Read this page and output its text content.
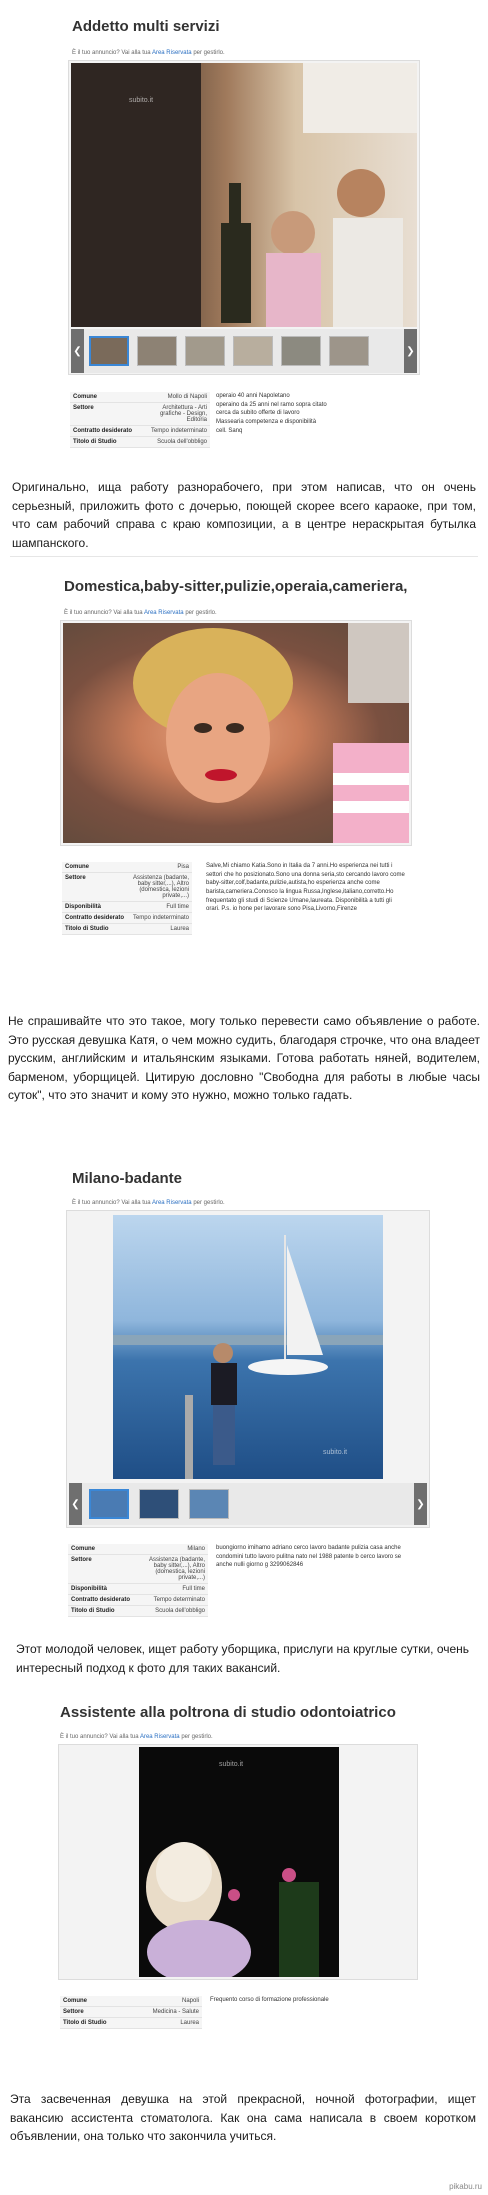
Addetto multi servizi
È il tuo annuncio? Vai alla tua Area Riservata per gestirlo.
subito.it
❮	❯
Comune	Mollo di Napoli
Settore	Architettura - Arti grafiche - Design, Editoria
Contratto desiderato	Tempo indeterminato
Titolo di Studio	Scuola dell'obbligo
operaio 40 anni Napoletano
operaino da 25 anni nel ramo sopra citato
cerca da subito offerte di lavoro
Massearia competenza e disponibilità
cell. Sanq
Оригинально, ища работу разнорабочего, при этом написав, что он очень серьезный, приложить фото с дочерью, поющей скорее всего караоке, при том, что сам рабочий справа с краю композиции, а в центре нераскрытая бутылка шампанского.
Domestica,baby-sitter,pulizie,operaia,cameriera,
È il tuo annuncio? Vai alla tua Area Riservata per gestirlo.
Comune	Pisa
Settore	Assistenza (badante, baby sitter,...), Altro (domestica, lezioni private,...)
Disponibilità	Full time
Contratto desiderato	Tempo indeterminato
Titolo di Studio	Laurea
Salve,Mi chiamo Katia.Sono in Italia da 7 anni.Ho esperienza nei tutti i settori che ho posizionato.Sono una donna seria,sto cercando lavoro come baby-sitter,colf,badante,pulizie,autista,ho esperienza anche come barista,cameriera.Conosco la lingua Russa,Inglese,italiano,corretto.Ho frequentato gli studi di Scienze Umane,laureata. Disponibilità a tutti gli orari. P.s. io hone per lavorare sono Pisa,Livorno,Firenze
Не спрашивайте что это такое, могу только перевести само объявление о работе. Это русская девушка Катя, о чем можно судить, благодаря строчке, что она владеет русским, английским и итальянским языками. Готова работать няней, водителем, барменом, уборщицей. Цитирую дословно "Свободна для работы в любые часы суток", что это значит и кому это нужно, можно только гадать.
Milano-badante
È il tuo annuncio? Vai alla tua Area Riservata per gestirlo.
subito.it
❮	❯
Comune	Milano
Settore	Assistenza (badante, baby sitter,...), Altro (domestica, lezioni private,...)
Disponibilità	Full time
Contratto desiderato	Tempo determinato
Titolo di Studio	Scuola dell'obbligo
buongiorno imihamo adriano cerco lavoro badante pulizia casa anche condomini tutto lavoro pulitna nato nel 1988 patente b cerco lavoro se anche nulli giorno g 3299062846
Этот молодой человек, ищет работу уборщика, прислуги на круглые сутки, очень интересный подход к фото для таких вакансий.
Assistente alla poltrona di studio odontoiatrico
È il tuo annuncio? Vai alla tua Area Riservata per gestirlo.
subito.it
Comune	Napoli
Settore	Medicina - Salute
Titolo di Studio	Laurea
Frequento corso di formazione professionale
Эта засвеченная девушка на этой прекрасной, ночной фотографии, ищет вакансию ассистента стоматолога. Как она сама написала в своем коротком объявлении, она только что закончила учиться.
pikabu.ru
